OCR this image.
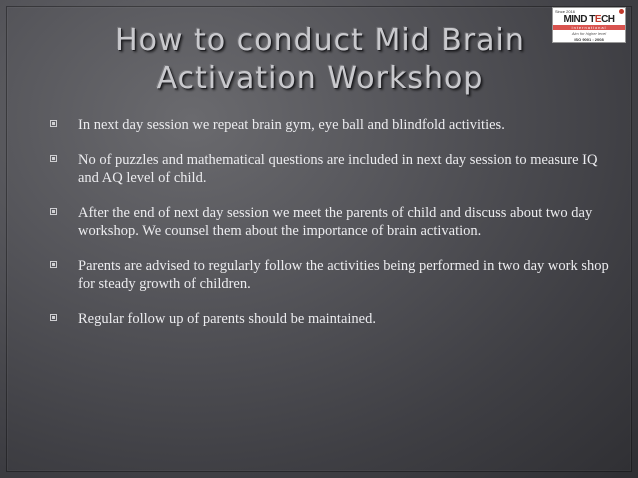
How to conduct Mid Brain
Activation Workshop
Since 2016
MIND TECH
International
Aim for higher level
ISO 9001 : 2008
In next day session we repeat brain gym, eye ball and blindfold activities.
No of puzzles and mathematical questions are included in next day session to measure IQ and AQ level of child.
After the end of next day session we meet the parents of child and discuss about two day workshop. We counsel them about the importance of brain activation.
Parents are advised to regularly follow the activities being performed in two day work shop for steady growth of children.
Regular follow up of parents should be maintained.
